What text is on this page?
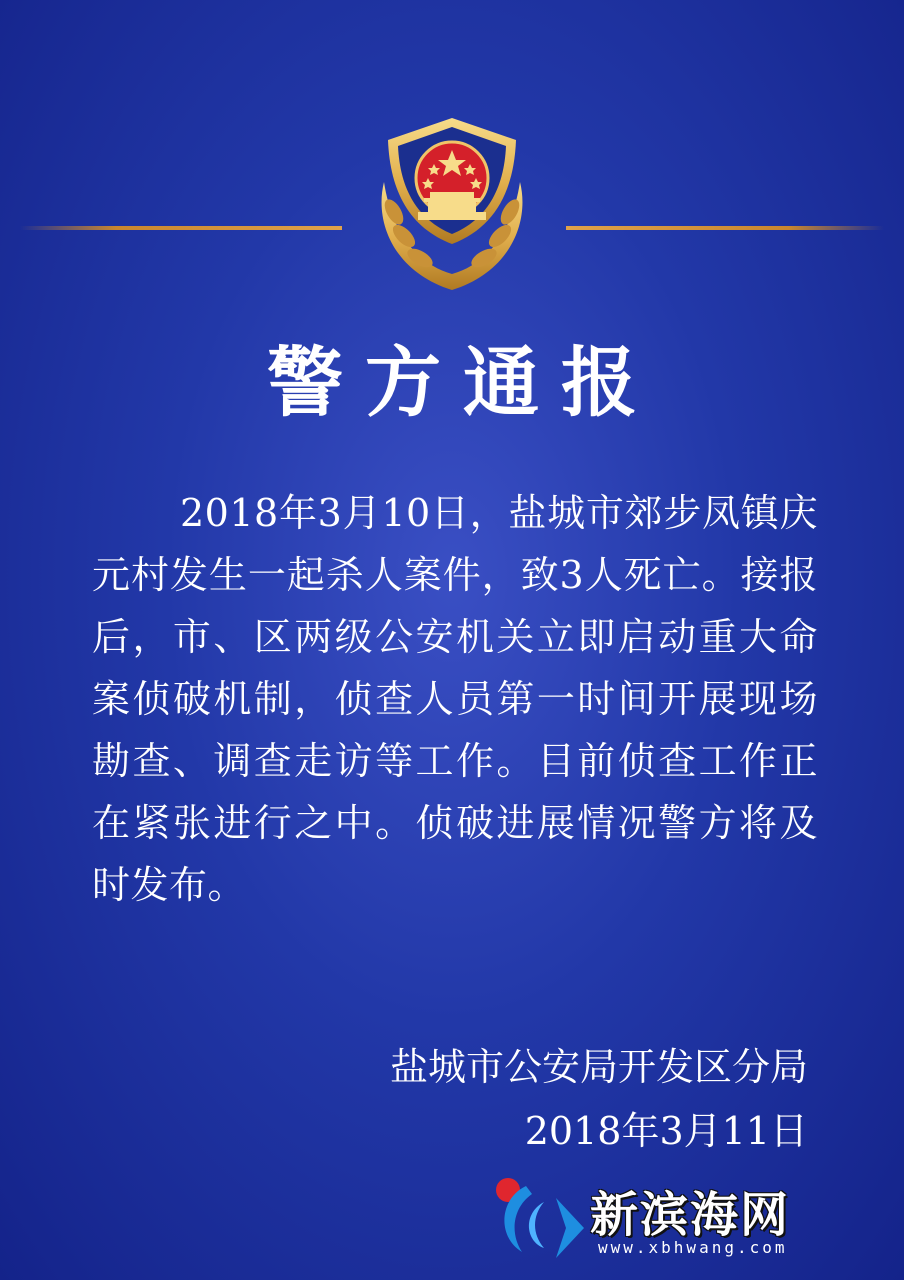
警方通报
2018年3月10日，盐城市郊步凤镇庆元村发生一起杀人案件，致3人死亡。接报后，市、区两级公安机关立即启动重大命案侦破机制，侦查人员第一时间开展现场勘查、调查走访等工作。目前侦查工作正在紧张进行之中。侦破进展情况警方将及时发布。
盐城市公安局开发区分局
2018年3月11日
新滨海网
www.xbhwang.com
